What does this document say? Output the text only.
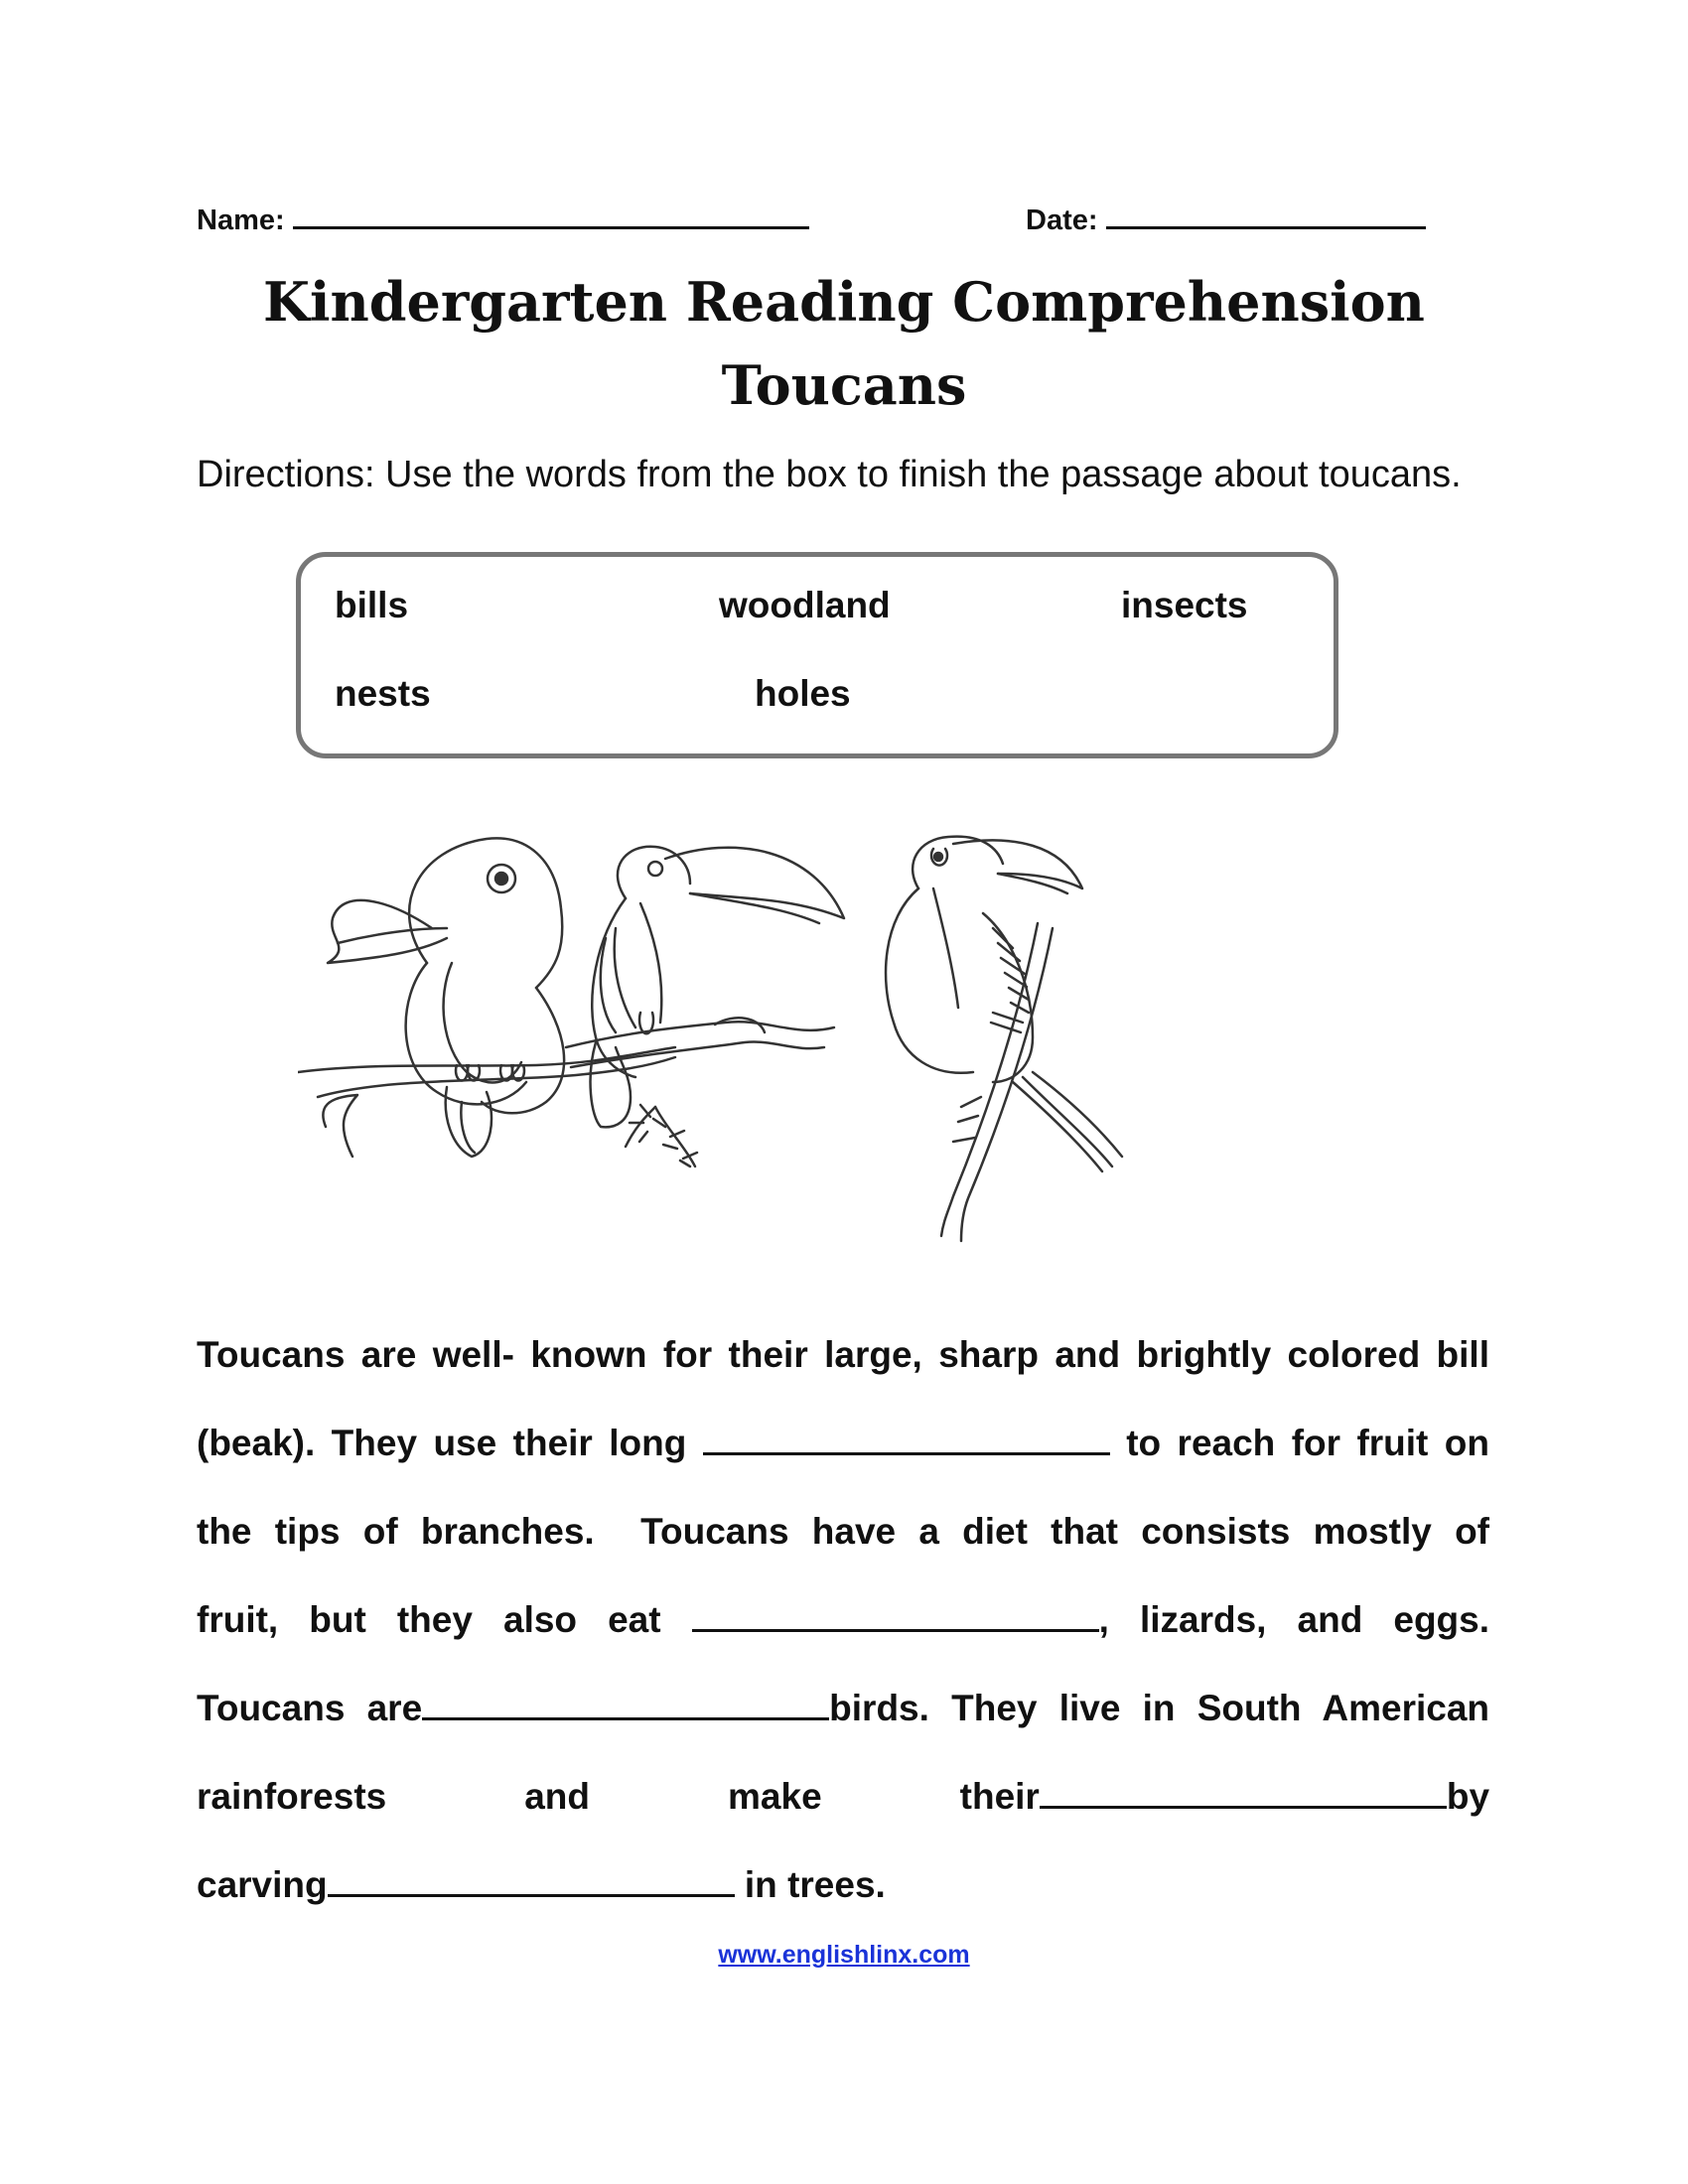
Name:	Date:
Kindergarten Reading Comprehension
Toucans
Directions: Use the words from the box to finish the passage about toucans.
bills	woodland	insects
nests	holes
Toucans are well- known for their large, sharp and brightly colored bill
(beak). They use their long	to reach for fruit on
the tips of branches.  Toucans have a diet that consists mostly of
fruit, but they also eat	, lizards, and eggs.
Toucans are	birds. They live in South American
rainforests	and	make	their	by
carving	in trees.
www.englishlinx.com
